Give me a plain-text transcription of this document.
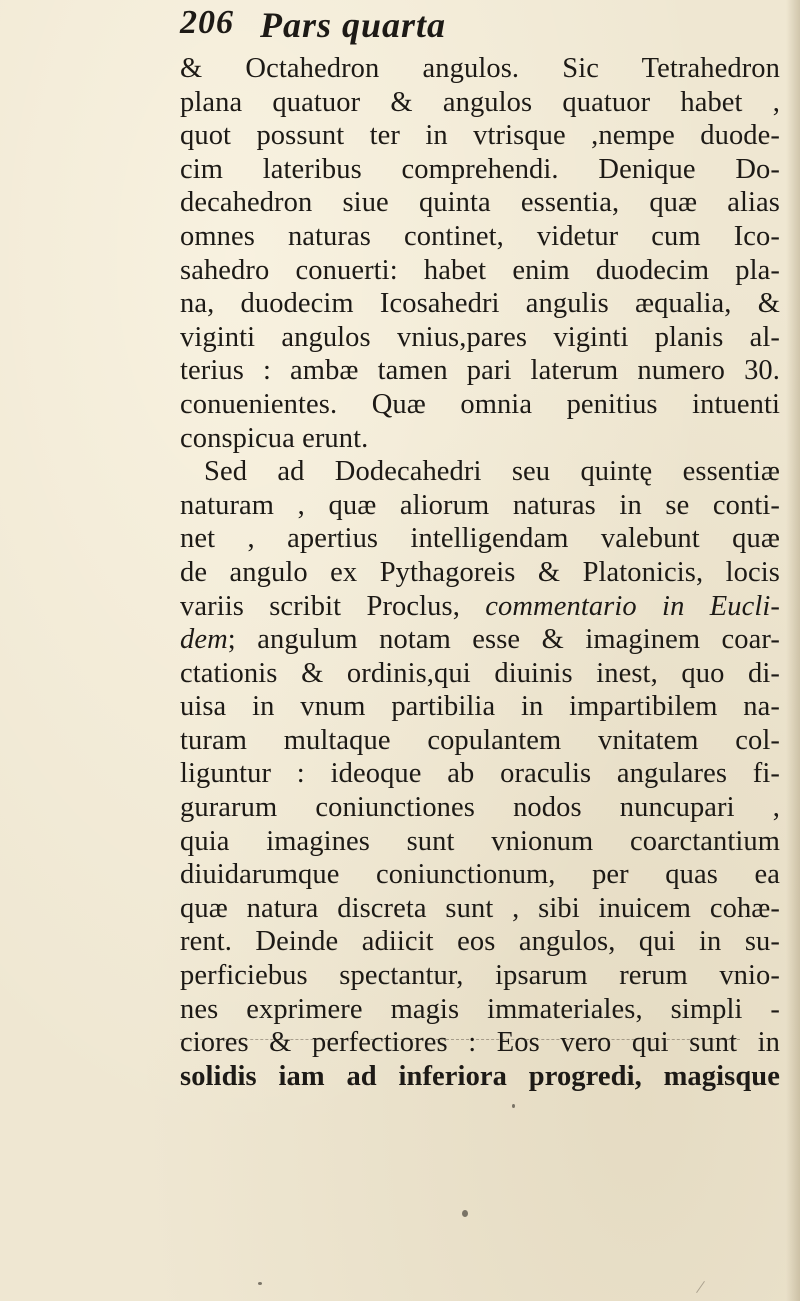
206 Pars quarta
& Octahedron angulos. Sic Tetrahedron
plana quatuor & angulos quatuor habet ,
quot possunt ter in vtrisque ,nempe duode-
cim lateribus comprehendi. Denique Do-
decahedron siue quinta essentia, quæ alias
omnes naturas continet, videtur cum Ico-
sahedro conuerti: habet enim duodecim pla-
na, duodecim Icosahedri angulis æqualia, &
viginti angulos vnius,pares viginti planis al-
terius : ambæ tamen pari laterum numero 30.
conuenientes. Quæ omnia penitius intuenti
conspicua erunt.
Sed ad Dodecahedri seu quintę essentiæ
naturam , quæ aliorum naturas in se conti-
net , apertius intelligendam valebunt quæ
de angulo ex Pythagoreis & Platonicis, locis
variis scribit Proclus, commentario in Eucli-
dem; angulum notam esse & imaginem coar-
ctationis & ordinis,qui diuinis inest, quo di-
uisa in vnum partibilia in impartibilem na-
turam multaque copulantem vnitatem col-
liguntur : ideoque ab oraculis angulares fi-
gurarum coniunctiones nodos nuncupari ,
quia imagines sunt vnionum coarctantium
diuidarumque coniunctionum, per quas ea
quæ natura discreta sunt , sibi inuicem cohæ-
rent. Deinde adiicit eos angulos, qui in su-
perficiebus spectantur, ipsarum rerum vnio-
nes exprimere magis immateriales, simpli -
ciores & perfectiores : Eos vero qui sunt in
solidis iam ad inferiora progredi, magisque
